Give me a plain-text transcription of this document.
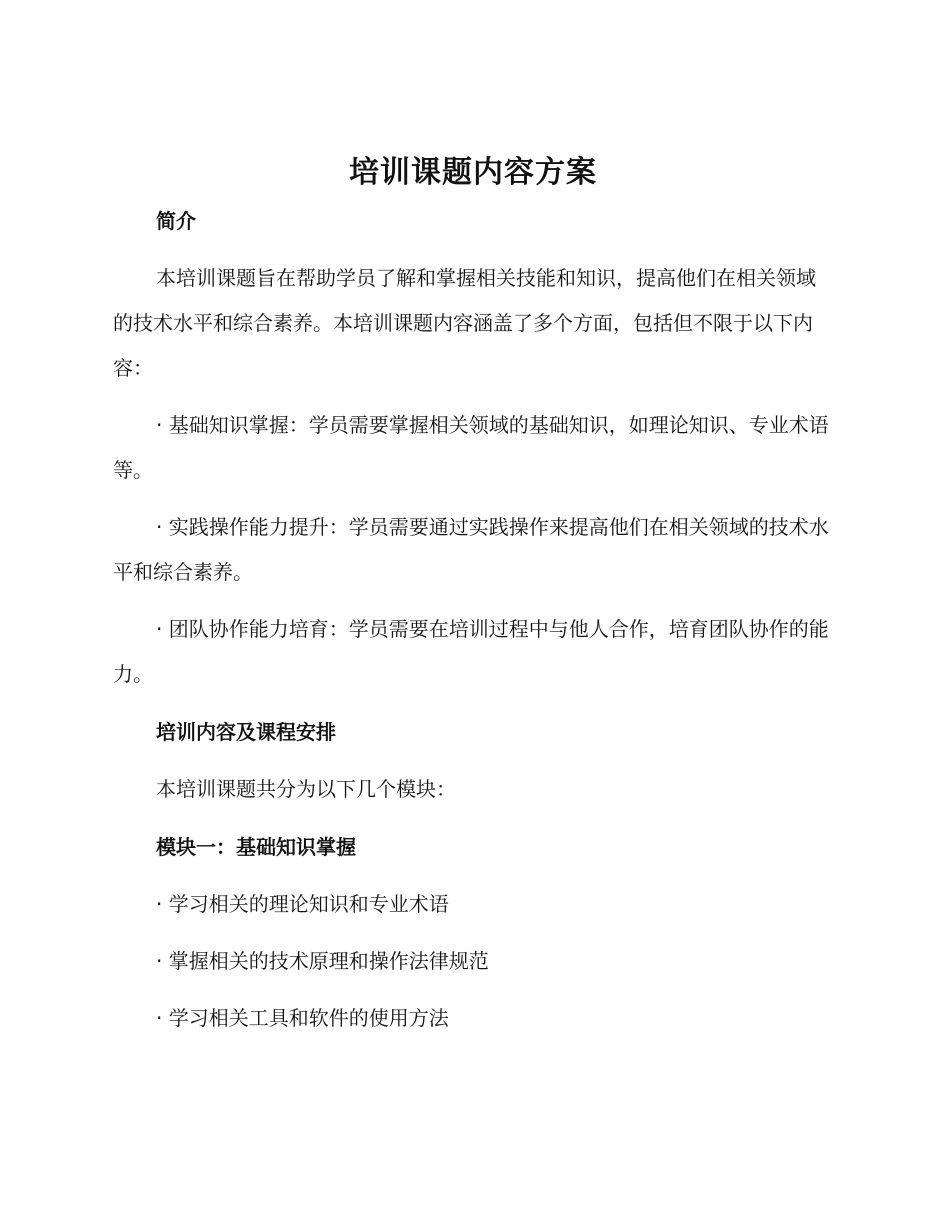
培训课题内容方案
简介

本培训课题旨在帮助学员了解和掌握相关技能和知识，提高他们在相关领域的技术水平和综合素养。本培训课题内容涵盖了多个方面，包括但不限于以下内容：

· 基础知识掌握：学员需要掌握相关领域的基础知识，如理论知识、专业术语等。

· 实践操作能力提升：学员需要通过实践操作来提高他们在相关领域的技术水平和综合素养。

· 团队协作能力培育：学员需要在培训过程中与他人合作，培育团队协作的能力。

培训内容及课程安排

本培训课题共分为以下几个模块：

模块一：基础知识掌握

· 学习相关的理论知识和专业术语

· 掌握相关的技术原理和操作法律规范

· 学习相关工具和软件的使用方法
